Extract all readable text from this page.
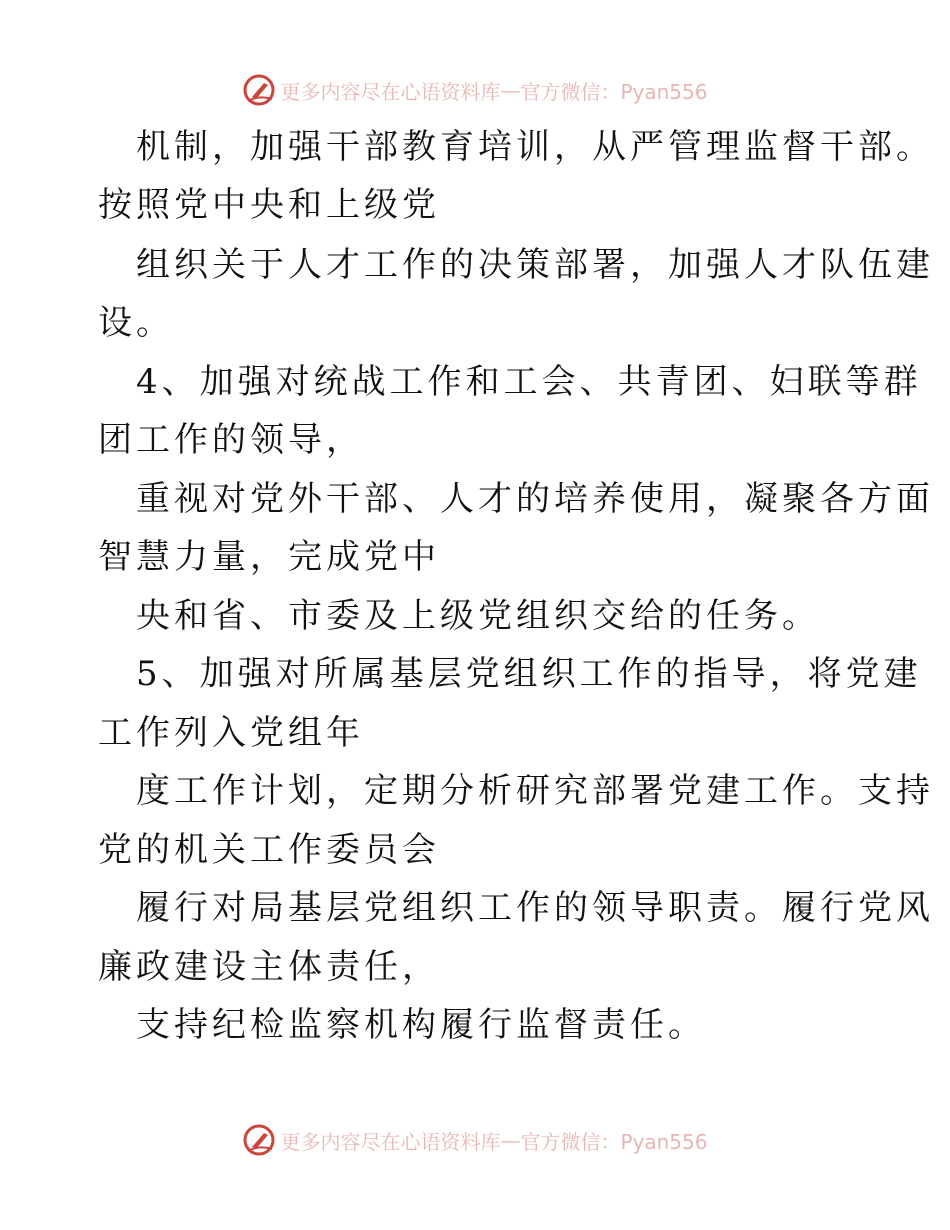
更多内容尽在心语资料库 — 官方微信：Pyan556
机制，加强干部教育培训，从严管理监督干部。
按照党中央和上级党
组织关于人才工作的决策部署，加强人才队伍建
设。
4、加强对统战工作和工会、共青团、妇联等群
团工作的领导，
重视对党外干部、人才的培养使用，凝聚各方面
智慧力量，完成党中
央和省、市委及上级党组织交给的任务。
5、加强对所属基层党组织工作的指导，将党建
工作列入党组年
度工作计划，定期分析研究部署党建工作。支持
党的机关工作委员会
履行对局基层党组织工作的领导职责。履行党风
廉政建设主体责任，
支持纪检监察机构履行监督责任。
更多内容尽在心语资料库 — 官方微信：Pyan556
